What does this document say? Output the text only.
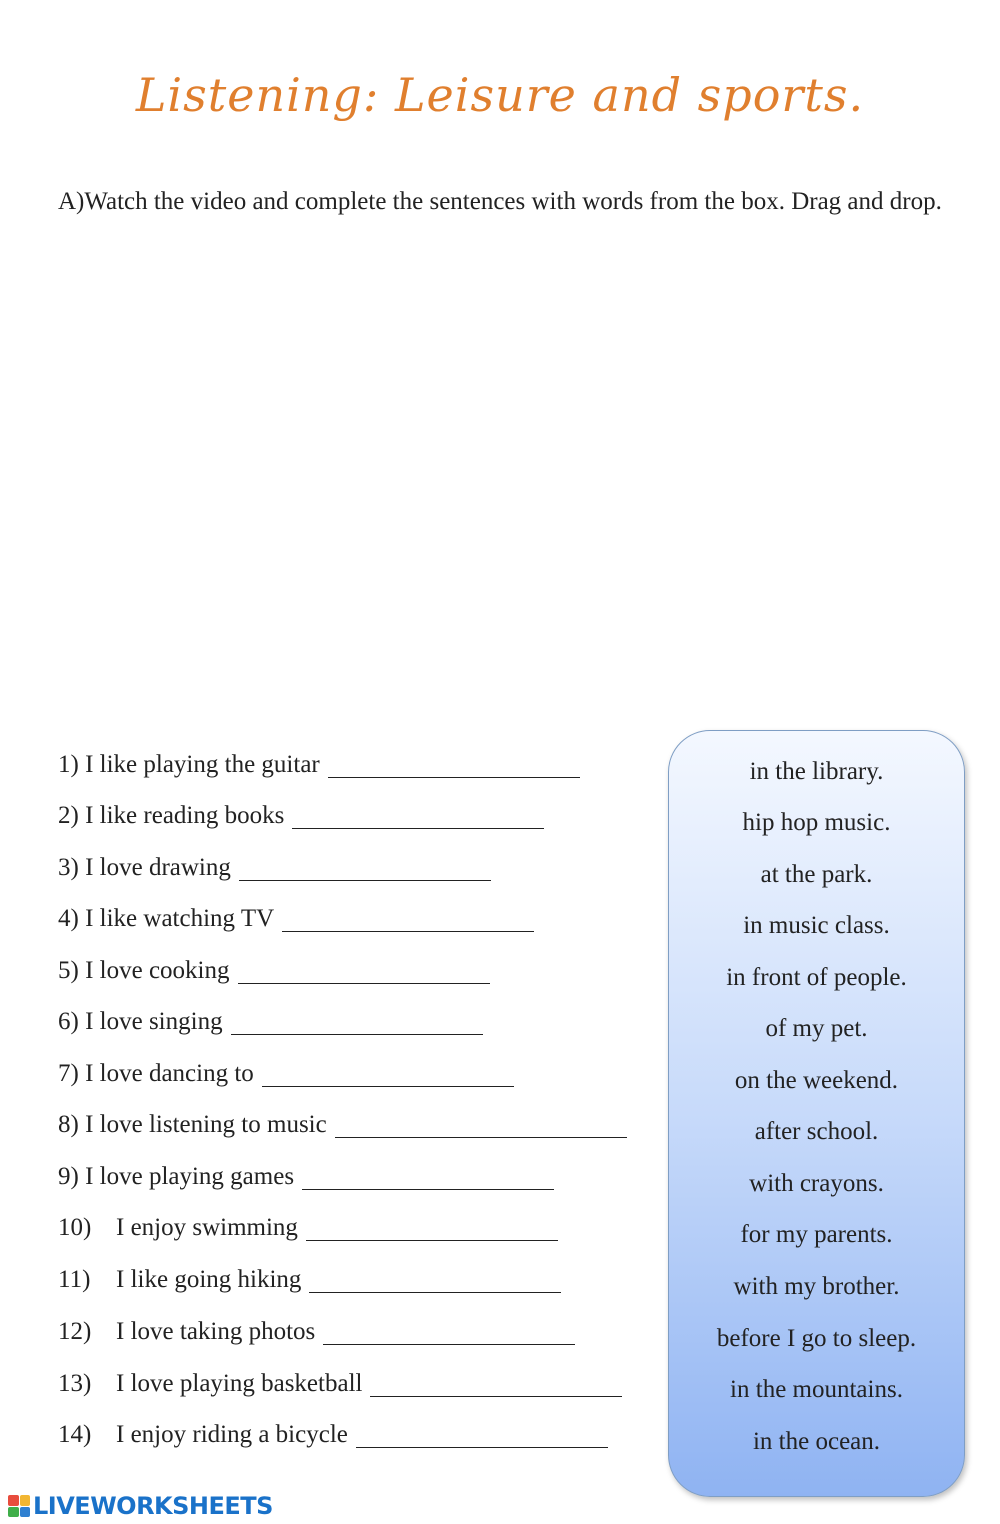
Listening: Leisure and sports.
A)Watch the video and complete the sentences with words from the box. Drag and drop.
1) I like playing the guitar
2) I like reading books
3) I love drawing
4) I like watching TV
5) I love cooking
6) I love singing
7) I love dancing to
8) I love listening to music
9) I love playing games
10) I enjoy swimming
11) I like going hiking
12) I love taking photos
13) I love playing basketball
14) I enjoy riding a bicycle
in the library.
hip hop music.
at the park.
in music class.
in front of people.
of my pet.
on the weekend.
after school.
with crayons.
for my parents.
with my brother.
before I go to sleep.
in the mountains.
in the ocean.
LIVEWORKSHEETS
